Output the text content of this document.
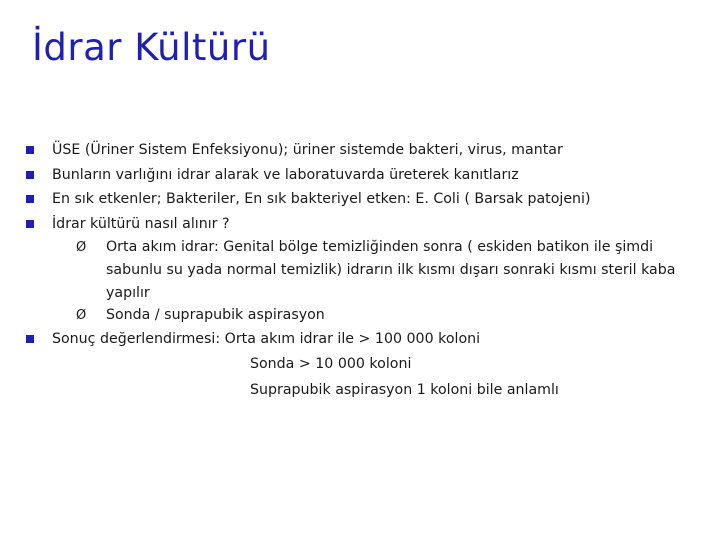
İdrar Kültürü
ÜSE (Üriner Sistem Enfeksiyonu); üriner sistemde bakteri, virus, mantar
Bunların varlığını idrar alarak ve laboratuvarda üreterek kanıtlarız
En sık etkenler; Bakteriler, En sık bakteriyel etken: E. Coli ( Barsak patojeni)
İdrar kültürü nasıl alınır ?
Ø	Orta akım idrar: Genital bölge temizliğinden sonra ( eskiden batikon ile şimdi
sabunlu su yada normal temizlik) idrarın ilk kısmı dışarı sonraki kısmı steril kaba
yapılır
Ø	Sonda / suprapubik aspirasyon
Sonuç değerlendirmesi: Orta akım idrar ile > 100 000 koloni
Sonda > 10 000 koloni
Suprapubik aspirasyon 1 koloni bile anlamlı
